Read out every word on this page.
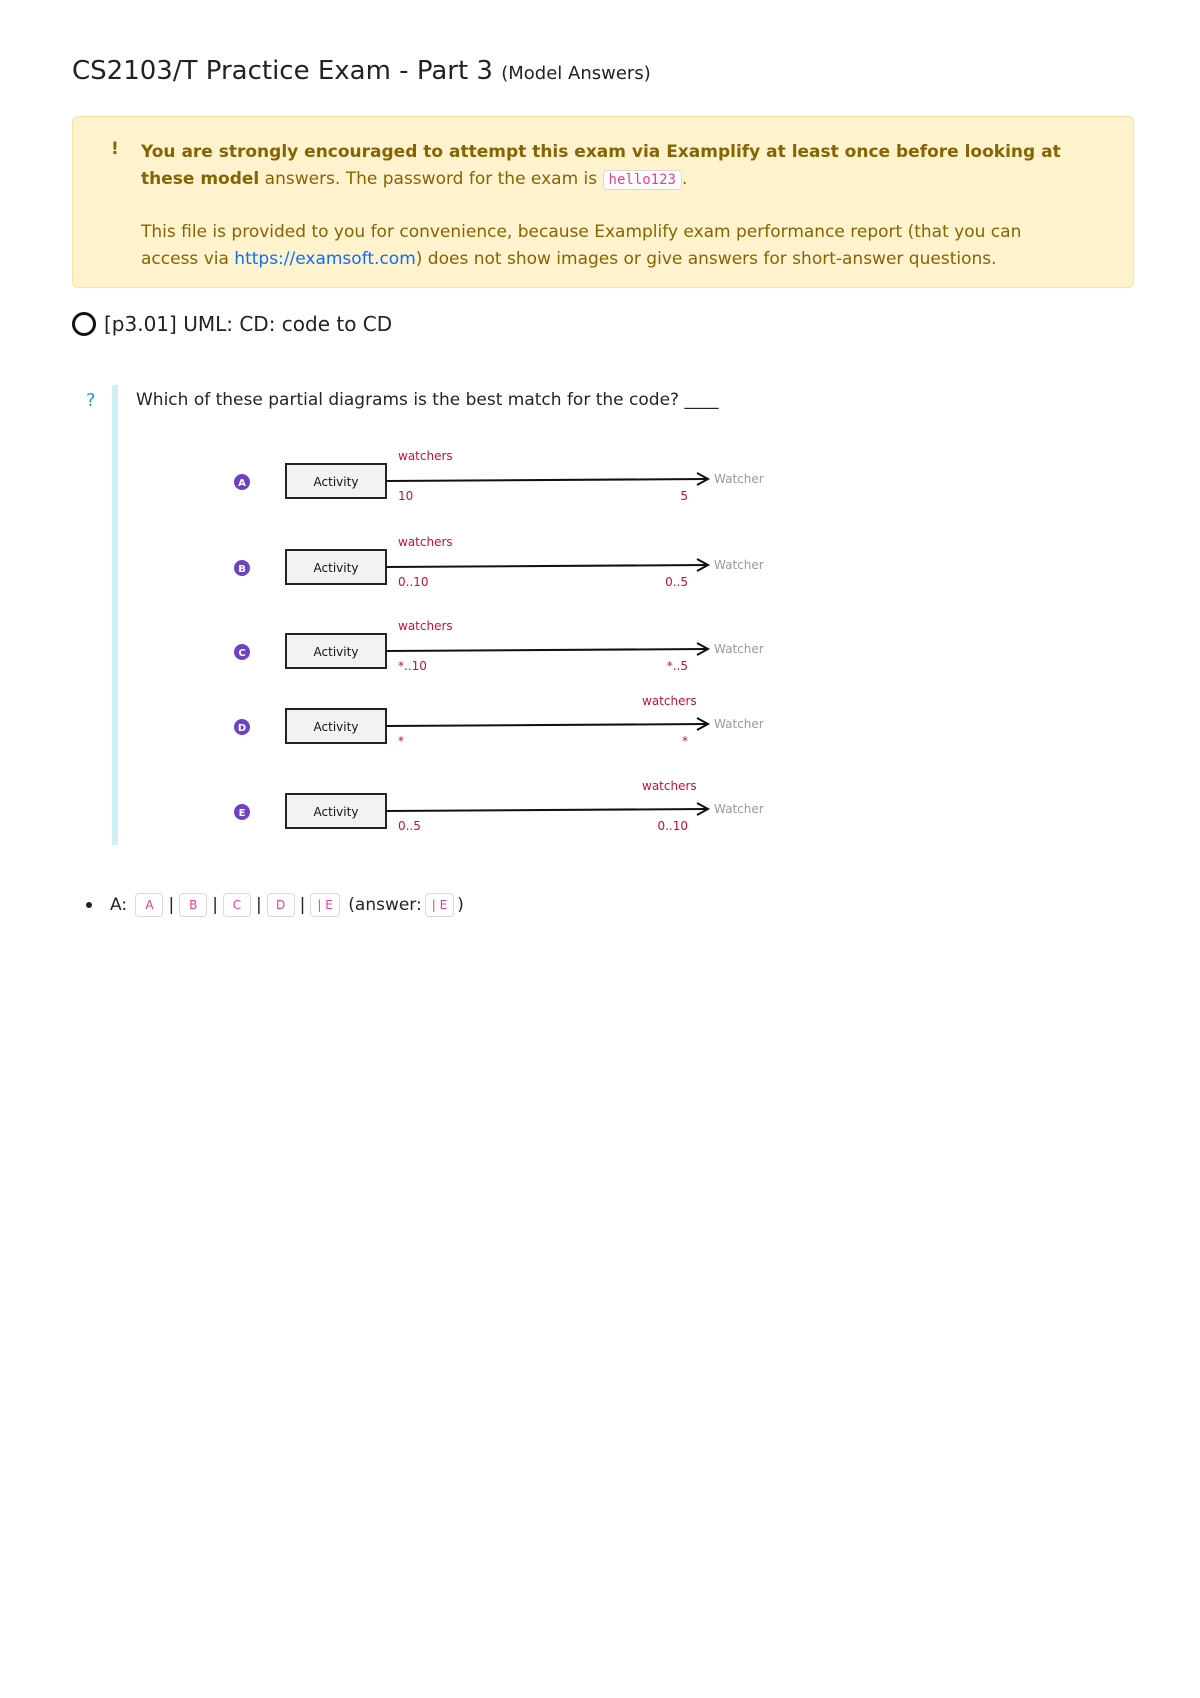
CS2103/T Practice Exam - Part 3 (Model Answers)
! You are strongly encouraged to attempt this exam via Examplify at least once before looking at these model answers. The password for the exam is hello123 .
This file is provided to you for convenience, because Examplify exam performance report (that you can access via https://examsoft.com) does not show images or give answers for short-answer questions.
[p3.01] UML: CD: code to CD
? Which of these partial diagrams is the best match for the code? ____
A	Activity	Watcher
watchers
10	5
B	Activity	Watcher
watchers
0..10	0..5
C	Activity	Watcher
watchers
*..10	*..5
D	Activity	Watcher
watchers
*	*
E	Activity	Watcher
watchers
0..5	0..10
A:
	A |	B |	C |	D |	| E
(answer: | E )
